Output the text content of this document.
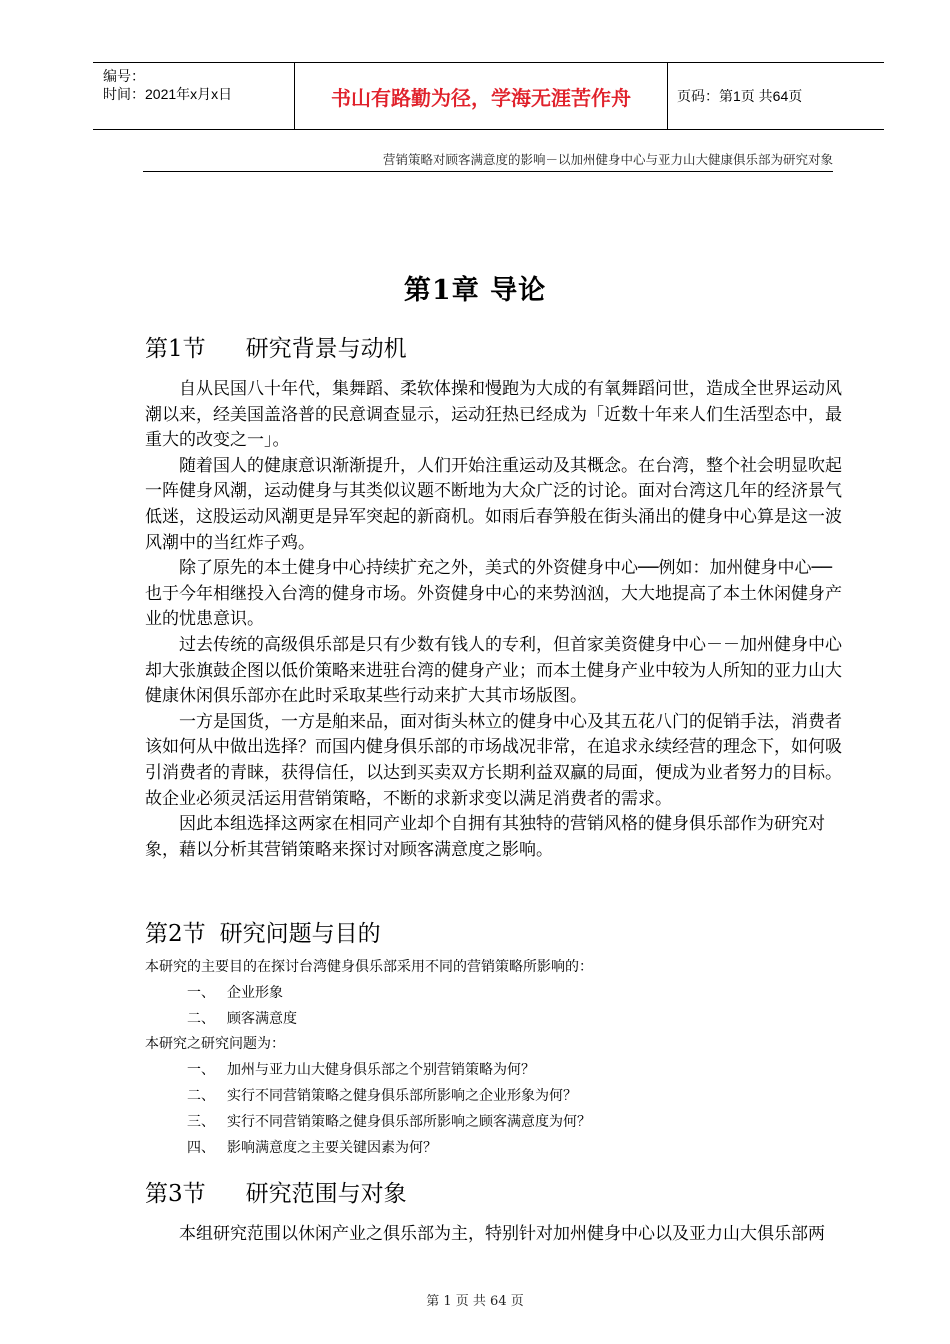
编号：
时间：2021年x月x日	书山有路勤为径，学海无涯苦作舟	页码：第1页 共64页
营销策略对顾客满意度的影响－以加州健身中心与亚力山大健康俱乐部为研究对象
第1章 导论
第1节 研究背景与动机

自从民国八十年代，集舞蹈、柔软体操和慢跑为大成的有氧舞蹈问世，造成全世界运动风潮以来，经美国盖洛普的民意调查显示，运动狂热已经成为「近数十年来人们生活型态中，最重大的改变之一」。

随着国人的健康意识渐渐提升，人们开始注重运动及其概念。在台湾，整个社会明显吹起一阵健身风潮，运动健身与其类似议题不断地为大众广泛的讨论。面对台湾这几年的经济景气低迷，这股运动风潮更是异军突起的新商机。如雨后春笋般在街头涌出的健身中心算是这一波风潮中的当红炸子鸡。

除了原先的本土健身中心持续扩充之外，美式的外资健身中心──例如：加州健身中心──也于今年相继投入台湾的健身市场。外资健身中心的来势汹汹，大大地提高了本土休闲健身产业的忧患意识。

过去传统的高级俱乐部是只有少数有钱人的专利，但首家美资健身中心－－加州健身中心却大张旗鼓企图以低价策略来进驻台湾的健身产业；而本土健身产业中较为人所知的亚力山大健康休闲俱乐部亦在此时采取某些行动来扩大其市场版图。

一方是国货，一方是舶来品，面对街头林立的健身中心及其五花八门的促销手法，消费者该如何从中做出选择？而国内健身俱乐部的市场战况非常，在追求永续经营的理念下，如何吸引消费者的青睐，获得信任，以达到买卖双方长期利益双赢的局面，便成为业者努力的目标。故企业必须灵活运用营销策略，不断的求新求变以满足消费者的需求。

因此本组选择这两家在相同产业却个自拥有其独特的营销风格的健身俱乐部作为研究对象，藉以分析其营销策略来探讨对顾客满意度之影响。

第2节 研究问题与目的
本研究的主要目的在探讨台湾健身俱乐部采用不同的营销策略所影响的：
一、 企业形象
二、 顾客满意度
本研究之研究问题为：
一、 加州与亚力山大健身俱乐部之个别营销策略为何？
二、 实行不同营销策略之健身俱乐部所影响之企业形象为何？
三、 实行不同营销策略之健身俱乐部所影响之顾客满意度为何？
四、 影响满意度之主要关键因素为何？
第3节 研究范围与对象

本组研究范围以休闲产业之俱乐部为主，特别针对加州健身中心以及亚力山大俱乐部两

第 1 页 共 64 页
